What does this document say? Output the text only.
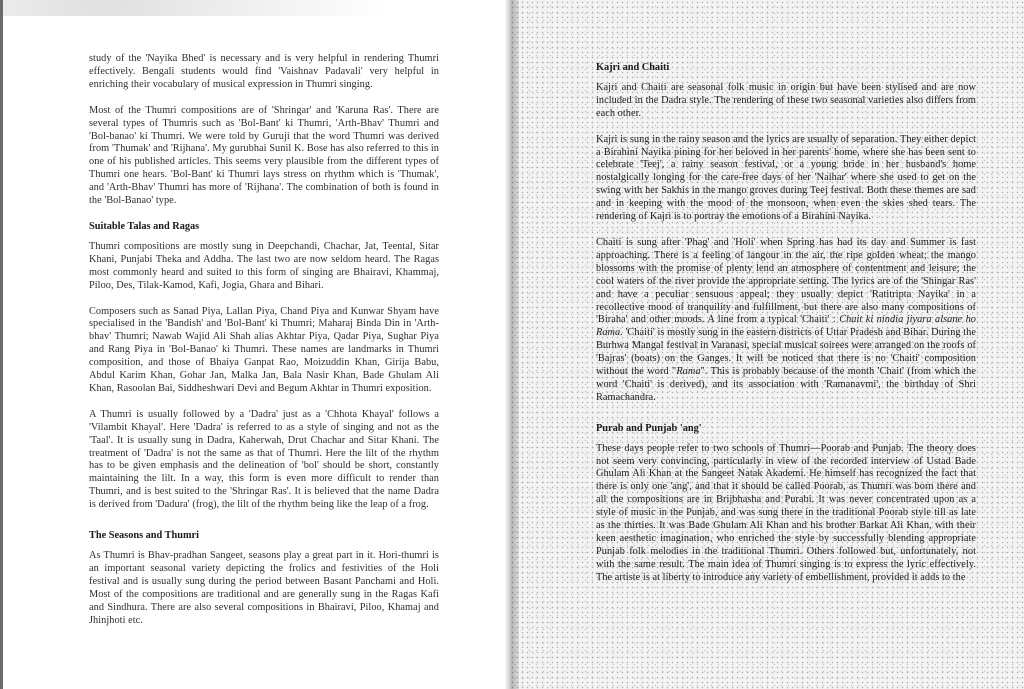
study of the 'Nayika Bhed' is necessary and is very helpful in rendering Thumri effectively. Bengali students would find 'Vaishnav Padavali' very helpful in enriching their vocabulary of musical expression in Thumri singing.

Most of the Thumri compositions are of 'Shringar' and 'Karuna Ras'. There are several types of Thumris such as 'Bol-Bant' ki Thumri, 'Arth-Bhav' Thumri and 'Bol-banao' ki Thumri. We were told by Guruji that the word Thumri was derived from 'Thumak' and 'Rijhana'. My gurubhai Sunil K. Bose has also referred to this in one of his published articles. This seems very plausible from the different types of Thumri one hears. 'Bol-Bant' ki Thumri lays stress on rhythm which is 'Thumak', and 'Arth-Bhav' Thumri has more of 'Rijhana'. The combination of both is found in the 'Bol-Banao' type.

Suitable Talas and Ragas

Thumri compositions are mostly sung in Deepchandi, Chachar, Jat, Teental, Sitar Khani, Punjabi Theka and Addha. The last two are now seldom heard. The Ragas most commonly heard and suited to this form of singing are Bhairavi, Khammaj, Piloo, Des, Tilak-Kamod, Kafi, Jogia, Ghara and Bihari.

Composers such as Sanad Piya, Lallan Piya, Chand Piya and Kunwar Shyam have specialised in the 'Bandish' and 'Bol-Bant' ki Thumri; Maharaj Binda Din in 'Arth-bhav' Thumri; Nawab Wajid Ali Shah alias Akhtar Piya, Qadar Piya, Sughar Piya and Rang Piya in 'Bol-Banao' ki Thumri. These names are landmarks in Thumri composition, and those of Bhaiya Ganpat Rao, Moizuddin Khan, Girija Babu, Abdul Karim Khan, Gohar Jan, Malka Jan, Bala Nasir Khan, Bade Ghulam Ali Khan, Rasoolan Bai, Siddheshwari Devi and Begum Akhtar in Thumri exposition.

A Thumri is usually followed by a 'Dadra' just as a 'Chhota Khayal' follows a 'Vilambit Khayal'. Here 'Dadra' is referred to as a style of singing and not as the 'Taal'. It is usually sung in Dadra, Kaherwah, Drut Chachar and Sitar Khani. The treatment of 'Dadra' is not the same as that of Thumri. Here the lilt of the rhythm has to be given emphasis and the delineation of 'bol' should be short, constantly maintaining the lilt. In a way, this form is even more difficult to render than Thumri, and is best suited to the 'Shringar Ras'. It is believed that the name Dadra is derived from 'Dadura' (frog), the lilt of the rhythm being like the leap of a frog.

The Seasons and Thumri

As Thumri is Bhav-pradhan Sangeet, seasons play a great part in it. Hori-thumri is an important seasonal variety depicting the frolics and festivities of the Holi festival and is usually sung during the period between Basant Panchami and Holi. Most of the compositions are traditional and are generally sung in the Ragas Kafi and Sindhura. There are also several compositions in Bhairavi, Piloo, Khamaj and Jhinjhoti etc.

Kajri and Chaiti

Kajri and Chaiti are seasonal folk music in origin but have been stylised and are now included in the Dadra style. The rendering of these two seasonal varieties also differs from each other.

Kajri is sung in the rainy season and the lyrics are usually of separation. They either depict a Birahini Nayika pining for her beloved in her parents' home, where she has been sent to celebrate 'Teej', a rainy season festival, or a young bride in her husband's home nostalgically longing for the care-free days of her 'Naihar' where she used to get on the swing with her Sakhis in the mango groves during Teej festival. Both these themes are sad and in keeping with the mood of the monsoon, when even the skies shed tears. The rendering of Kajri is to portray the emotions of a Birahini Nayika.

Chaiti is sung after 'Phag' and 'Holi' when Spring has had its day and Summer is fast approaching. There is a feeling of langour in the air, the ripe golden wheat; the mango blossoms with the promise of plenty lend an atmosphere of contentment and leisure; the cool waters of the river provide the appropriate setting. The lyrics are of the 'Shingar Ras' and have a peculiar sensuous appeal; they usually depict 'Ratitripta Nayika' in a recollective mood of tranquility and fulfillment, but there are also many compositions of 'Biraha' and other moods. A line from a typical 'Chaiti' : Chait ki nindia jiyara alsane ho Rama. 'Chaiti' is mostly sung in the eastern districts of Uttar Pradesh and Bihar. During the Burhwa Mangal festival in Varanasi, special musical soirees were arranged on the roofs of 'Bajras' (boats) on the Ganges. It will be noticed that there is no 'Chaiti' composition without the word "Rama". This is probably because of the month 'Chait' (from which the word 'Chaiti' is derived), and its association with 'Ramanavmi', the birthday of Shri Ramachandra.

Purab and Punjab 'ang'

These days people refer to two schools of Thumri—Poorab and Punjab. The theory does not seem very convincing, particularly in view of the recorded interview of Ustad Bade Ghulam Ali Khan at the Sangeet Natak Akademi. He himself has recognized the fact that there is only one 'ang', and that it should be called Poorab, as Thumri was born there and all the compositions are in Brijbhasha and Purabi. It was never concentrated upon as a style of music in the Punjab, and was sung there in the traditional Poorab style till as late as the thirties. It was Bade Ghulam Ali Khan and his brother Barkat Ali Khan, with their keen aesthetic imagination, who enriched the style by successfully blending appropriate Punjab folk melodies in the traditional Thumri. Others followed but, unfortunately, not with the same result. The main idea of Thumri singing is to express the lyric effectively. The artiste is at liberty to introduce any variety of embellishment, provided it adds to the
